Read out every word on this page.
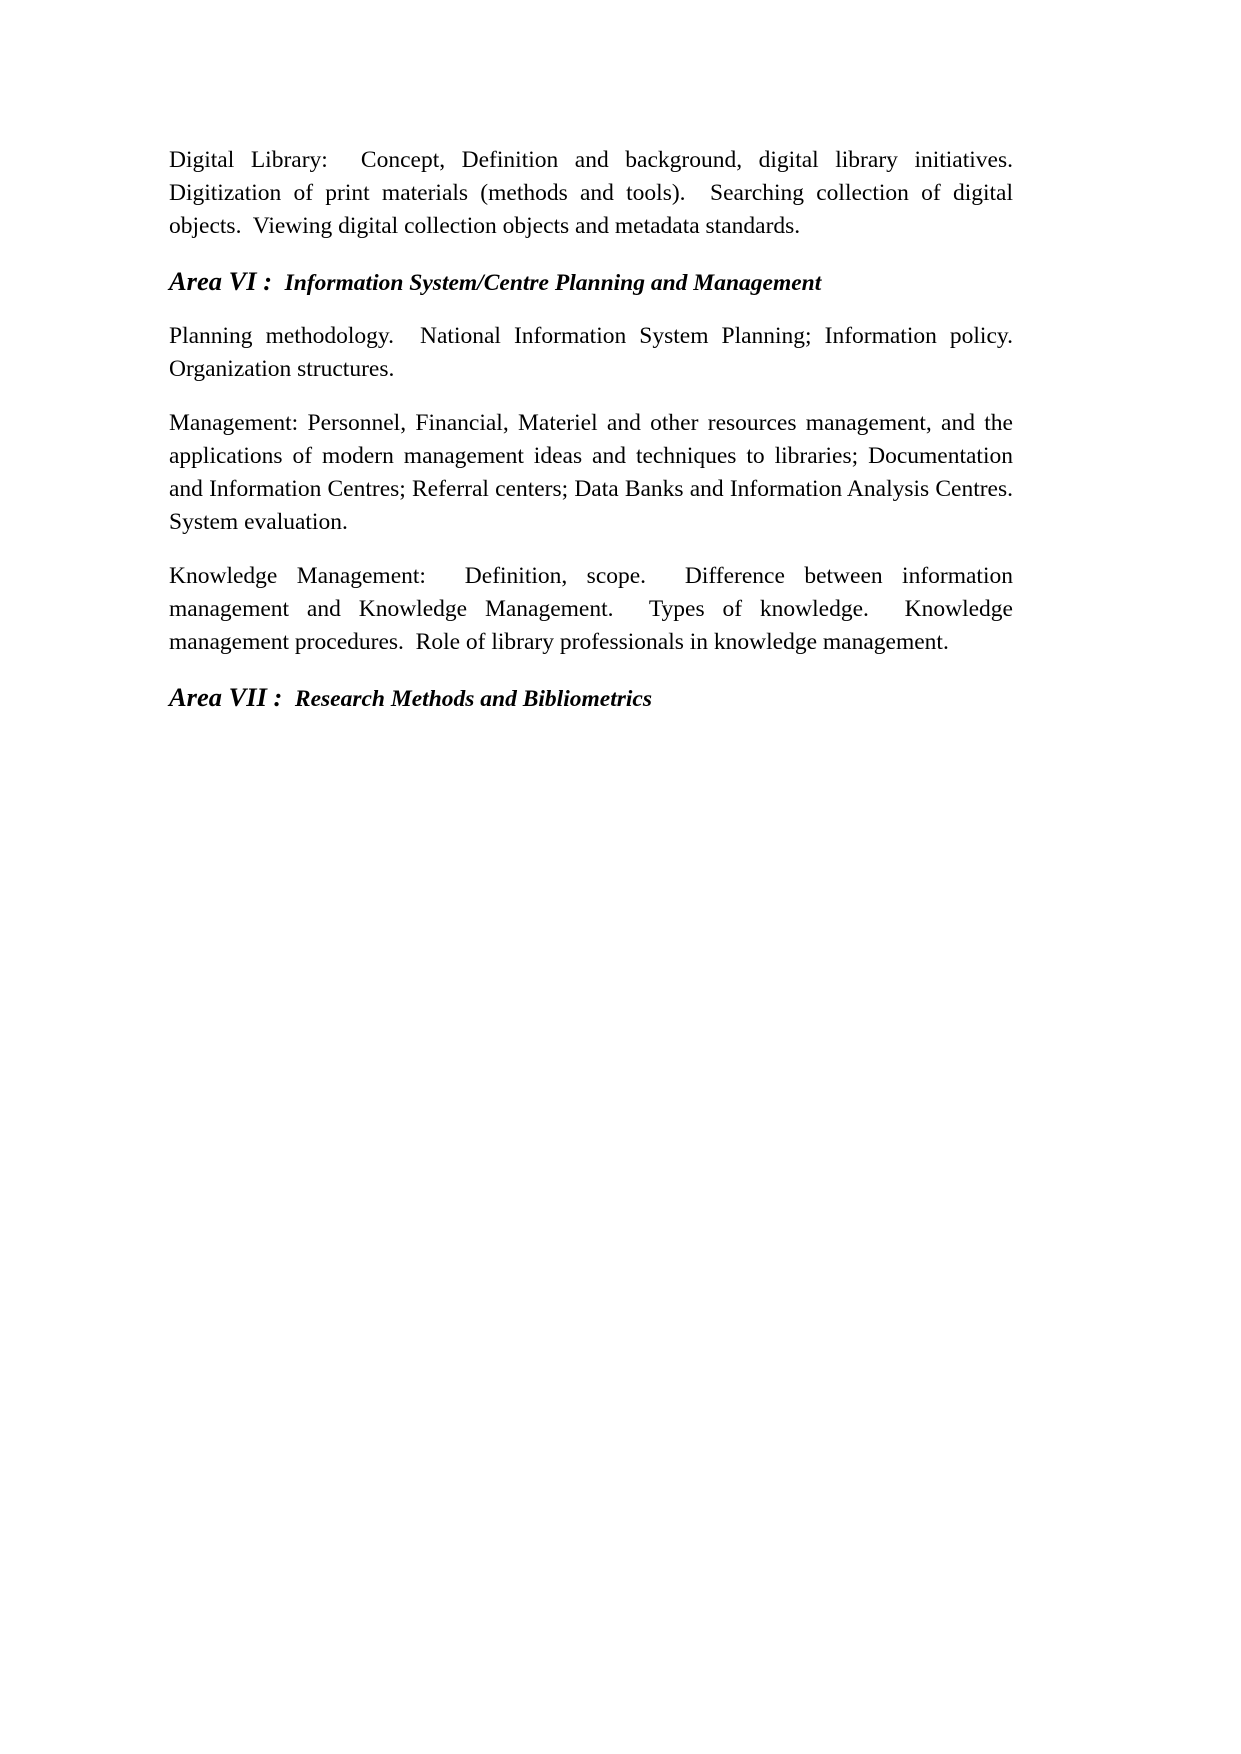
Digital Library:  Concept, Definition and background, digital library initiatives.  Digitization of print materials (methods and tools).  Searching collection of digital objects.  Viewing digital collection objects and metadata standards.

Area VI :  Information System/Centre Planning and Management

Planning methodology.  National Information System Planning; Information policy.  Organization structures.

Management: Personnel, Financial, Materiel and other resources management, and the applications of modern management ideas and techniques to libraries; Documentation and Information Centres; Referral centers; Data Banks and Information Analysis Centres.  System evaluation.

Knowledge Management:  Definition, scope.  Difference between information management and Knowledge Management.  Types of knowledge.  Knowledge management procedures.  Role of library professionals in knowledge management.

Area VII :  Research Methods and Bibliometrics
